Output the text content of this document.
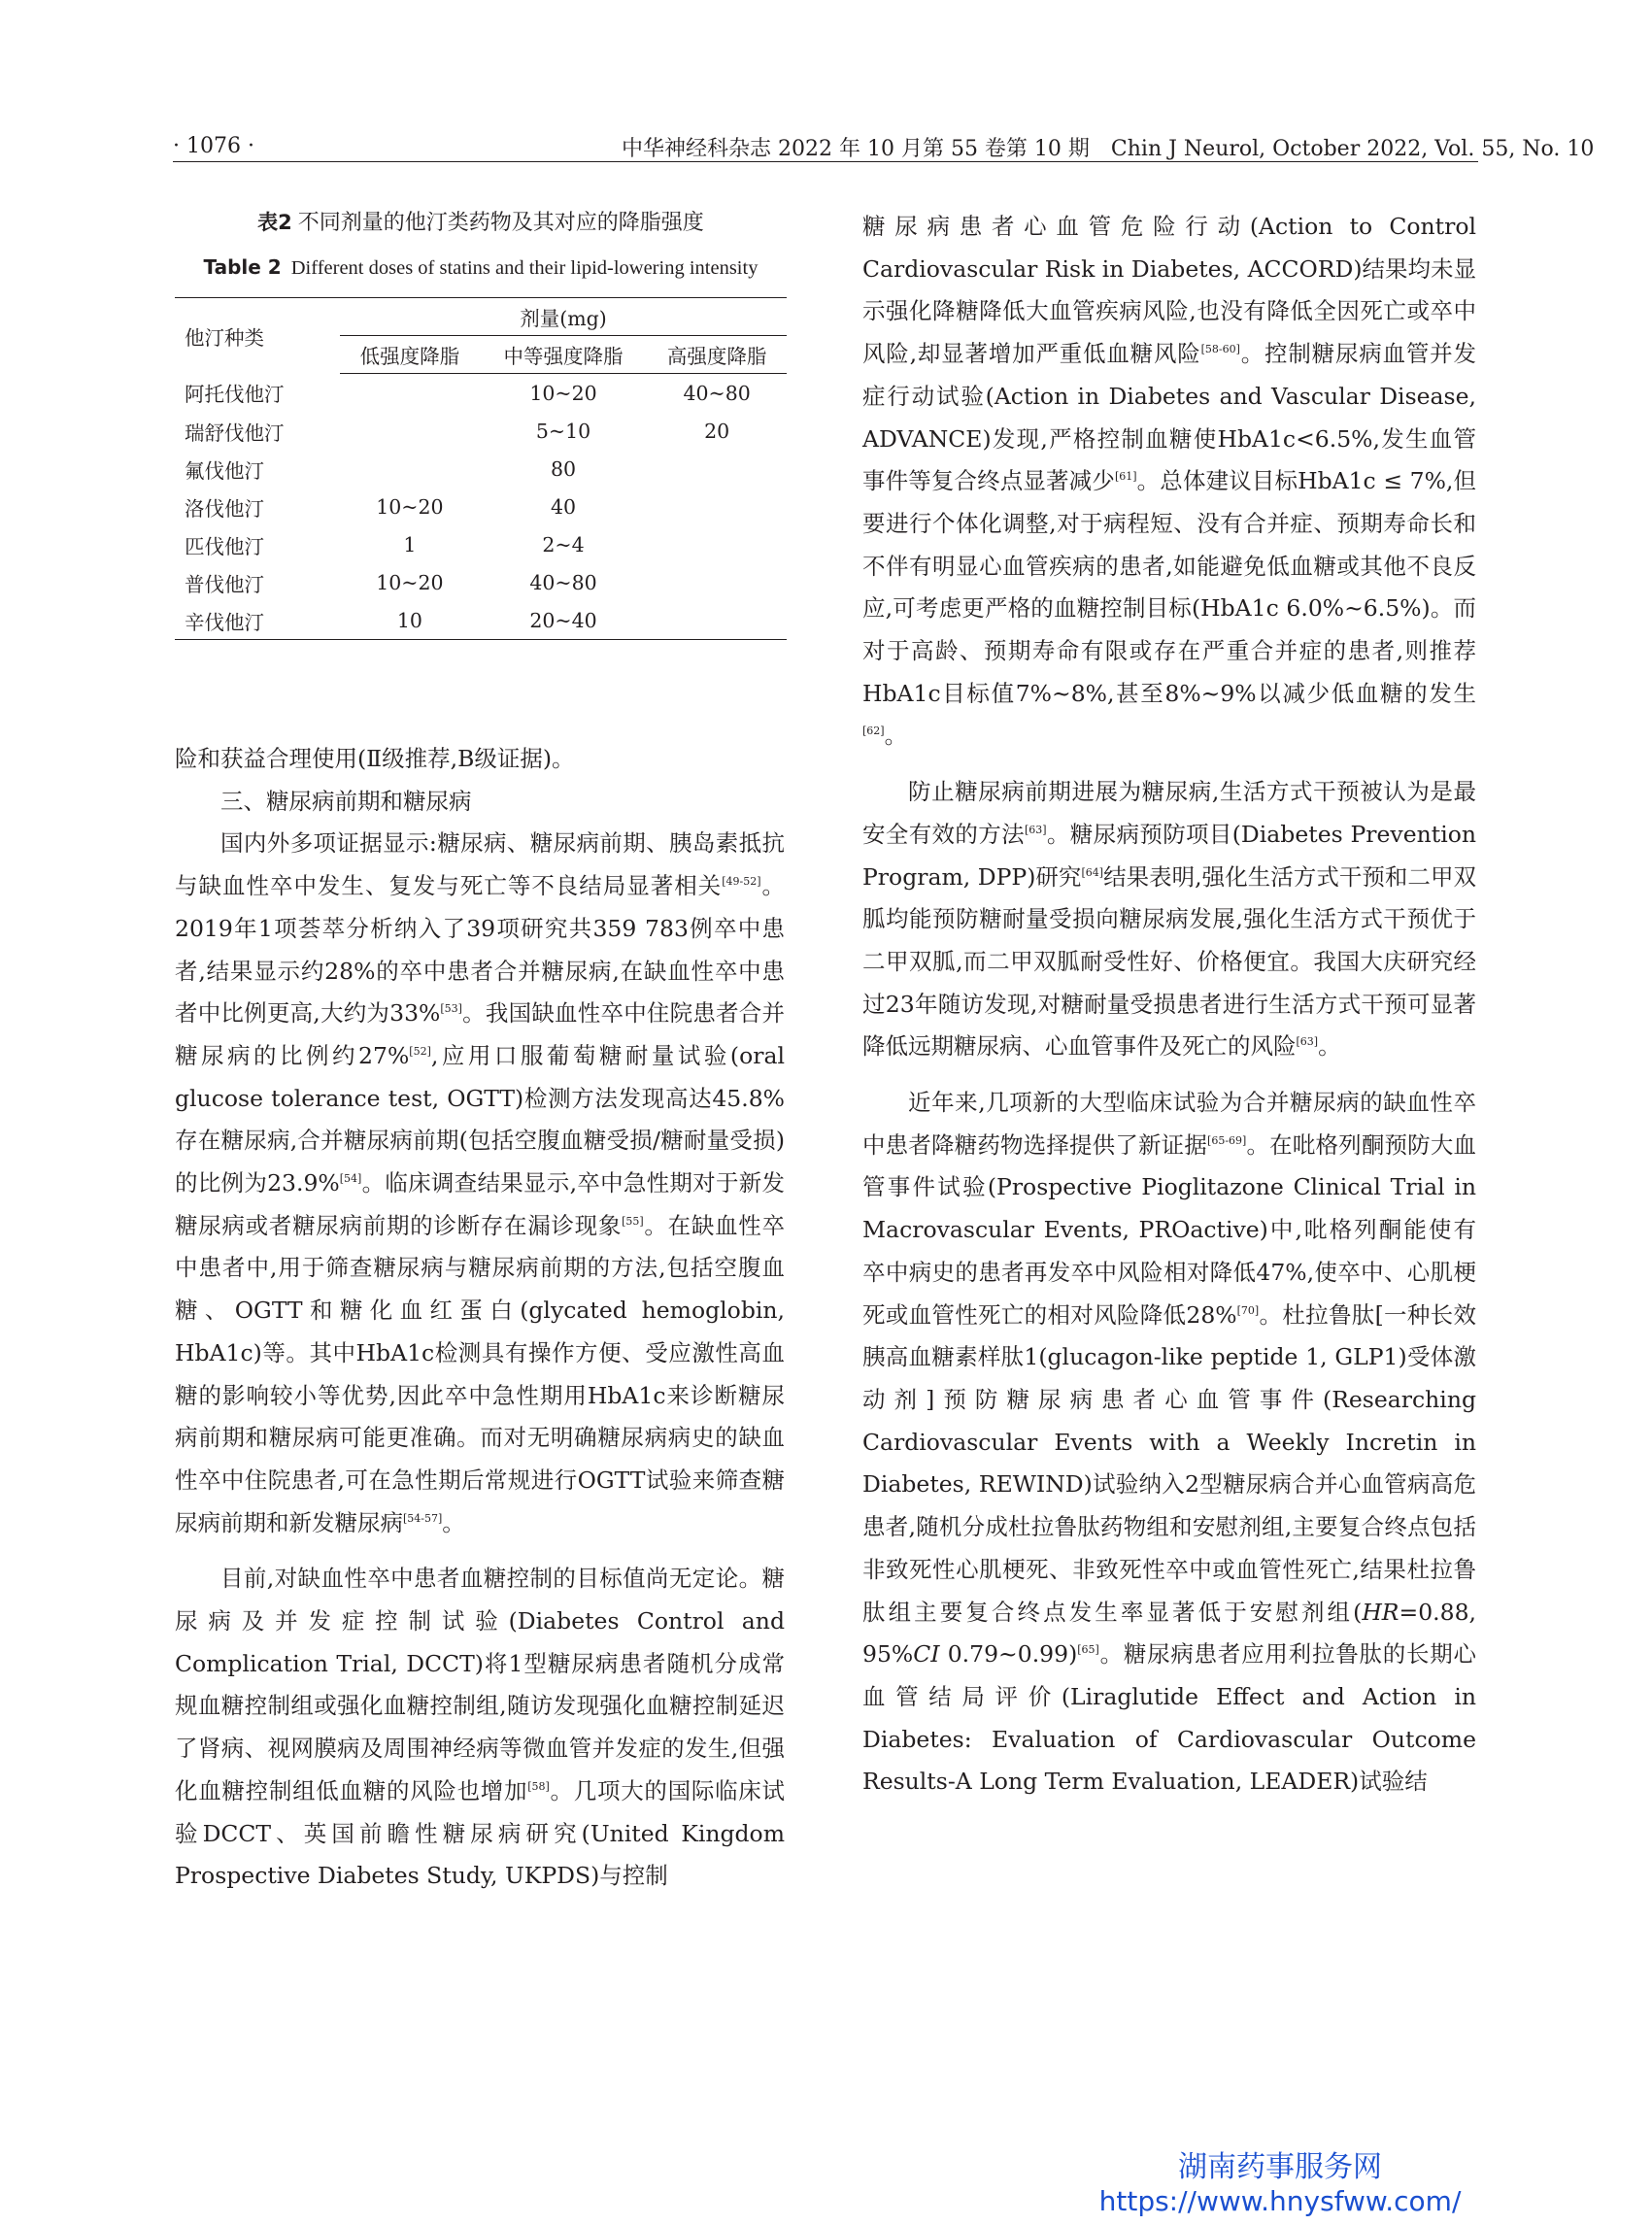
· 1076 ·	中华神经科杂志 2022 年 10 月第 55 卷第 10 期　Chin J Neurol, October 2022, Vol. 55, No. 10
表2 不同剂量的他汀类药物及其对应的降脂强度
Table 2 Different doses of statins and their lipid-lowering intensity
他汀种类	剂量(mg)		
	低强度降脂	中等强度降脂	高强度降脂
阿托伐他汀		10~20	40~80
瑞舒伐他汀		5~10	20
氟伐他汀		80	
洛伐他汀	10~20	40	
匹伐他汀	1	2~4	
普伐他汀	10~20	40~80	
辛伐他汀	10	20~40	

险和获益合理使用(Ⅱ级推荐,B级证据)。

三、糖尿病前期和糖尿病

国内外多项证据显示:糖尿病、糖尿病前期、胰岛素抵抗与缺血性卒中发生、复发与死亡等不良结局显著相关[49-52]。2019年1项荟萃分析纳入了39项研究共359 783例卒中患者,结果显示约28%的卒中患者合并糖尿病,在缺血性卒中患者中比例更高,大约为33%[53]。我国缺血性卒中住院患者合并糖尿病的比例约27%[52],应用口服葡萄糖耐量试验(oral glucose tolerance test, OGTT)检测方法发现高达45.8%存在糖尿病,合并糖尿病前期(包括空腹血糖受损/糖耐量受损)的比例为23.9%[54]。临床调查结果显示,卒中急性期对于新发糖尿病或者糖尿病前期的诊断存在漏诊现象[55]。在缺血性卒中患者中,用于筛查糖尿病与糖尿病前期的方法,包括空腹血糖、OGTT和糖化血红蛋白(glycated hemoglobin, HbA1c)等。其中HbA1c检测具有操作方便、受应激性高血糖的影响较小等优势,因此卒中急性期用HbA1c来诊断糖尿病前期和糖尿病可能更准确。而对无明确糖尿病病史的缺血性卒中住院患者,可在急性期后常规进行OGTT试验来筛查糖尿病前期和新发糖尿病[54-57]。

目前,对缺血性卒中患者血糖控制的目标值尚无定论。糖尿病及并发症控制试验(Diabetes Control and Complication Trial, DCCT)将1型糖尿病患者随机分成常规血糖控制组或强化血糖控制组,随访发现强化血糖控制延迟了肾病、视网膜病及周围神经病等微血管并发症的发生,但强化血糖控制组低血糖的风险也增加[58]。几项大的国际临床试验DCCT、英国前瞻性糖尿病研究(United Kingdom Prospective Diabetes Study, UKPDS)与控制

糖尿病患者心血管危险行动(Action to Control Cardiovascular Risk in Diabetes, ACCORD)结果均未显示强化降糖降低大血管疾病风险,也没有降低全因死亡或卒中风险,却显著增加严重低血糖风险[58-60]。控制糖尿病血管并发症行动试验(Action in Diabetes and Vascular Disease, ADVANCE)发现,严格控制血糖使HbA1c<6.5%,发生血管事件等复合终点显著减少[61]。总体建议目标HbA1c ≤ 7%,但要进行个体化调整,对于病程短、没有合并症、预期寿命长和不伴有明显心血管疾病的患者,如能避免低血糖或其他不良反应,可考虑更严格的血糖控制目标(HbA1c 6.0%~6.5%)。而对于高龄、预期寿命有限或存在严重合并症的患者,则推荐HbA1c目标值7%~8%,甚至8%~9%以减少低血糖的发生[62]。

防止糖尿病前期进展为糖尿病,生活方式干预被认为是最安全有效的方法[63]。糖尿病预防项目(Diabetes Prevention Program, DPP)研究[64]结果表明,强化生活方式干预和二甲双胍均能预防糖耐量受损向糖尿病发展,强化生活方式干预优于二甲双胍,而二甲双胍耐受性好、价格便宜。我国大庆研究经过23年随访发现,对糖耐量受损患者进行生活方式干预可显著降低远期糖尿病、心血管事件及死亡的风险[63]。

近年来,几项新的大型临床试验为合并糖尿病的缺血性卒中患者降糖药物选择提供了新证据[65-69]。在吡格列酮预防大血管事件试验(Prospective Pioglitazone Clinical Trial in Macrovascular Events, PROactive)中,吡格列酮能使有卒中病史的患者再发卒中风险相对降低47%,使卒中、心肌梗死或血管性死亡的相对风险降低28%[70]。杜拉鲁肽[一种长效胰高血糖素样肽1(glucagon-like peptide 1, GLP1)受体激动剂]预防糖尿病患者心血管事件(Researching Cardiovascular Events with a Weekly Incretin in Diabetes, REWIND)试验纳入2型糖尿病合并心血管病高危患者,随机分成杜拉鲁肽药物组和安慰剂组,主要复合终点包括非致死性心肌梗死、非致死性卒中或血管性死亡,结果杜拉鲁肽组主要复合终点发生率显著低于安慰剂组(HR=0.88, 95%CI 0.79~0.99)[65]。糖尿病患者应用利拉鲁肽的长期心血管结局评价(Liraglutide Effect and Action in Diabetes: Evaluation of Cardiovascular Outcome Results-A Long Term Evaluation, LEADER)试验结

湖南药事服务网
https://www.hnysfww.com/
